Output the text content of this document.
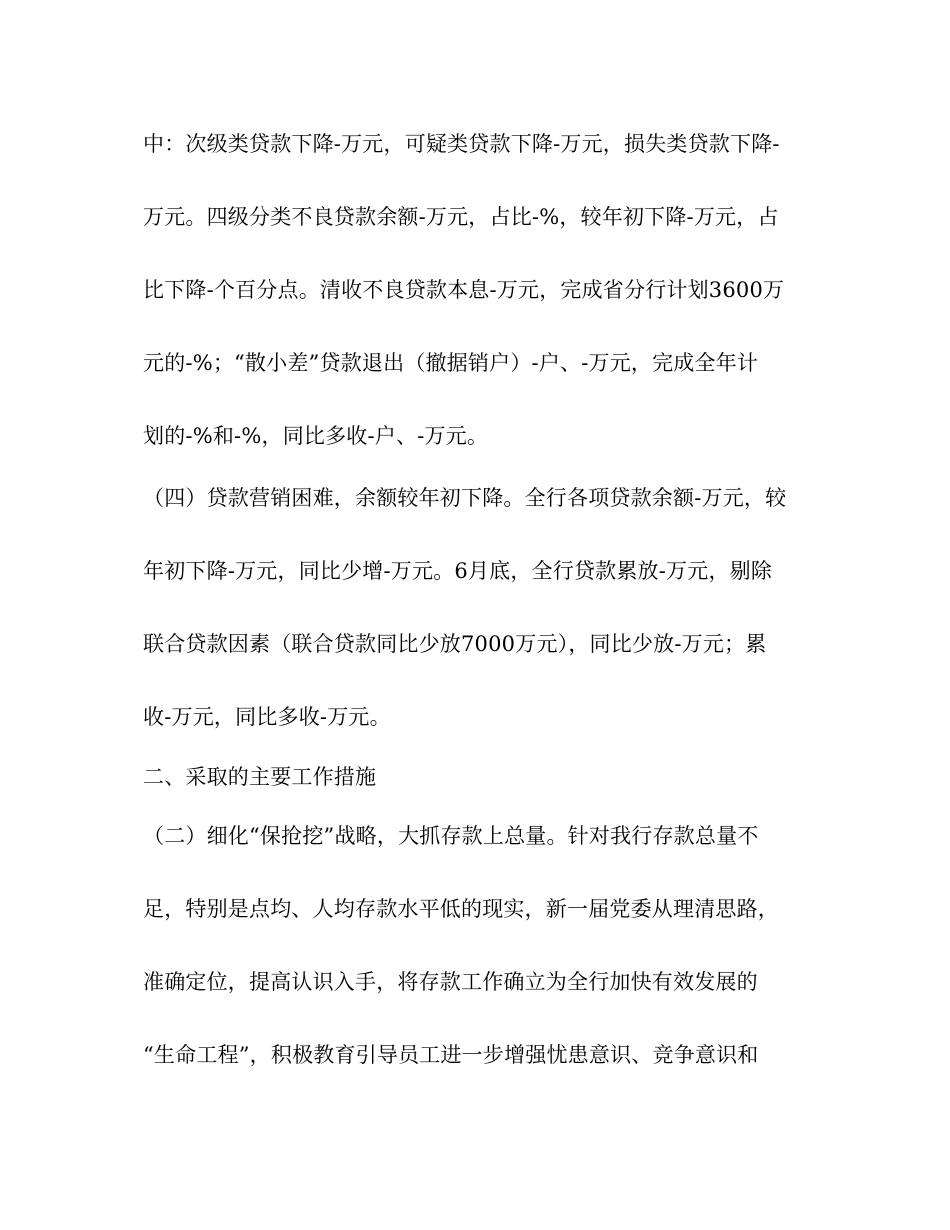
中：次级类贷款下降-万元，可疑类贷款下降-万元，损失类贷款下降-
万元。四级分类不良贷款余额-万元，占比-%，较年初下降-万元，占
比下降-个百分点。清收不良贷款本息-万元，完成省分行计划3600万
元的-%；“散小差”贷款退出（撤据销户）-户、-万元，完成全年计
划的-%和-%，同比多收-户、-万元。
（四）贷款营销困难，余额较年初下降。全行各项贷款余额-万元，较
年初下降-万元，同比少增-万元。6月底，全行贷款累放-万元，剔除
联合贷款因素（联合贷款同比少放7000万元），同比少放-万元；累
收-万元，同比多收-万元。
二、采取的主要工作措施
（二）细化“保抢挖”战略，大抓存款上总量。针对我行存款总量不
足，特别是点均、人均存款水平低的现实，新一届党委从理清思路，
准确定位，提高认识入手，将存款工作确立为全行加快有效发展的
“生命工程”，积极教育引导员工进一步增强忧患意识、竞争意识和
